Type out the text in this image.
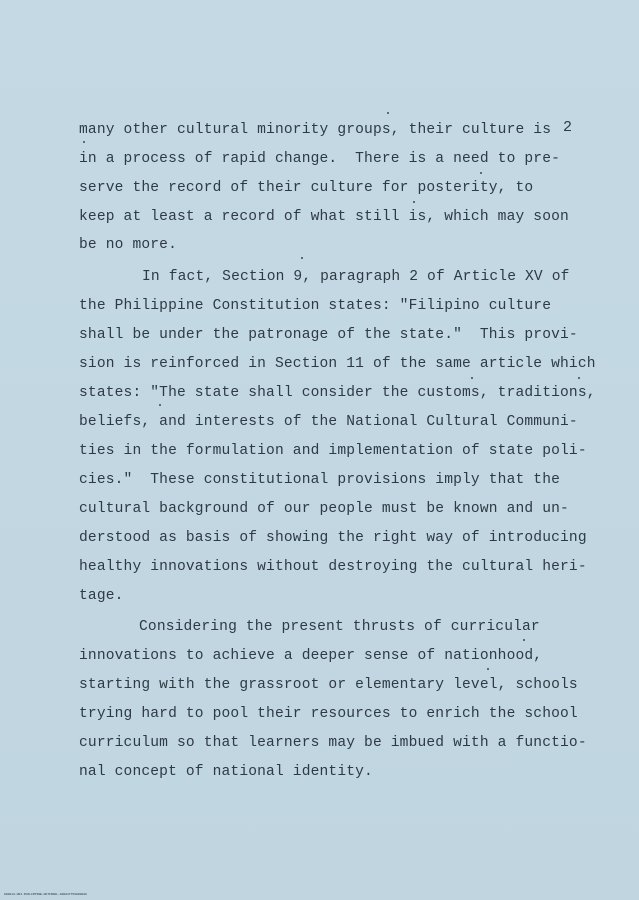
2
many other cultural minority groups, their culture is
in a process of rapid change.  There is a need to pre-
serve the record of their culture for posterity, to
keep at least a record of what still is, which may soon
be no more.
In fact, Section 9, paragraph 2 of Article XV of
the Philippine Constitution states: "Filipino culture
shall be under the patronage of the state."  This provi-
sion is reinforced in Section 11 of the same article which
states: "The state shall consider the customs, traditions,
beliefs, and interests of the National Cultural Communi-
ties in the formulation and implementation of state poli-
cies."  These constitutional provisions imply that the
cultural background of our people must be known and un-
derstood as basis of showing the right way of introducing
healthy innovations without destroying the cultural heri-
tage.
Considering the present thrusts of curricular
innovations to achieve a deeper sense of nationhood,
starting with the grassroot or elementary level, schools
trying hard to pool their resources to enrich the school
curriculum so that learners may be imbued with a functio-
nal concept of national identity.
000013-UNI-PHILIPPINE-NATIONAL-000047750000000
